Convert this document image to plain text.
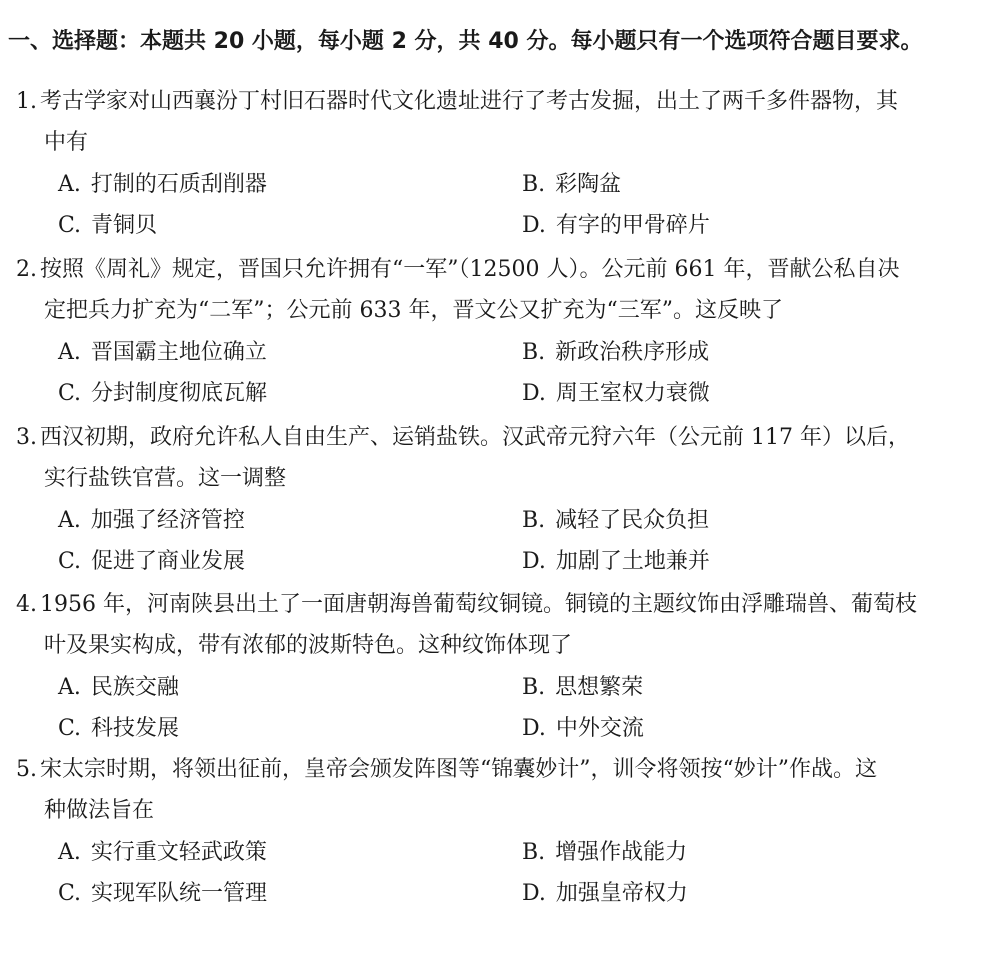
一、选择题：本题共 20 小题，每小题 2 分，共 40 分。每小题只有一个选项符合题目要求。
1. 考古学家对山西襄汾丁村旧石器时代文化遗址进行了考古发掘，出土了两千多件器物，其
中有
A. 打制的石质刮削器	B. 彩陶盆
C. 青铜贝	D. 有字的甲骨碎片
2. 按照《周礼》规定，晋国只允许拥有“一军”（12500 人）。公元前 661 年，晋献公私自决
定把兵力扩充为“二军”；公元前 633 年，晋文公又扩充为“三军”。这反映了
A. 晋国霸主地位确立	B. 新政治秩序形成
C. 分封制度彻底瓦解	D. 周王室权力衰微
3. 西汉初期，政府允许私人自由生产、运销盐铁。汉武帝元狩六年（公元前 117 年）以后，
实行盐铁官营。这一调整
A. 加强了经济管控	B. 减轻了民众负担
C. 促进了商业发展	D. 加剧了土地兼并
4. 1956 年，河南陕县出土了一面唐朝海兽葡萄纹铜镜。铜镜的主题纹饰由浮雕瑞兽、葡萄枝
叶及果实构成，带有浓郁的波斯特色。这种纹饰体现了
A. 民族交融	B. 思想繁荣
C. 科技发展	D. 中外交流
5. 宋太宗时期，将领出征前，皇帝会颁发阵图等“锦囊妙计”，训令将领按“妙计”作战。这
种做法旨在
A. 实行重文轻武政策	B. 增强作战能力
C. 实现军队统一管理	D. 加强皇帝权力
